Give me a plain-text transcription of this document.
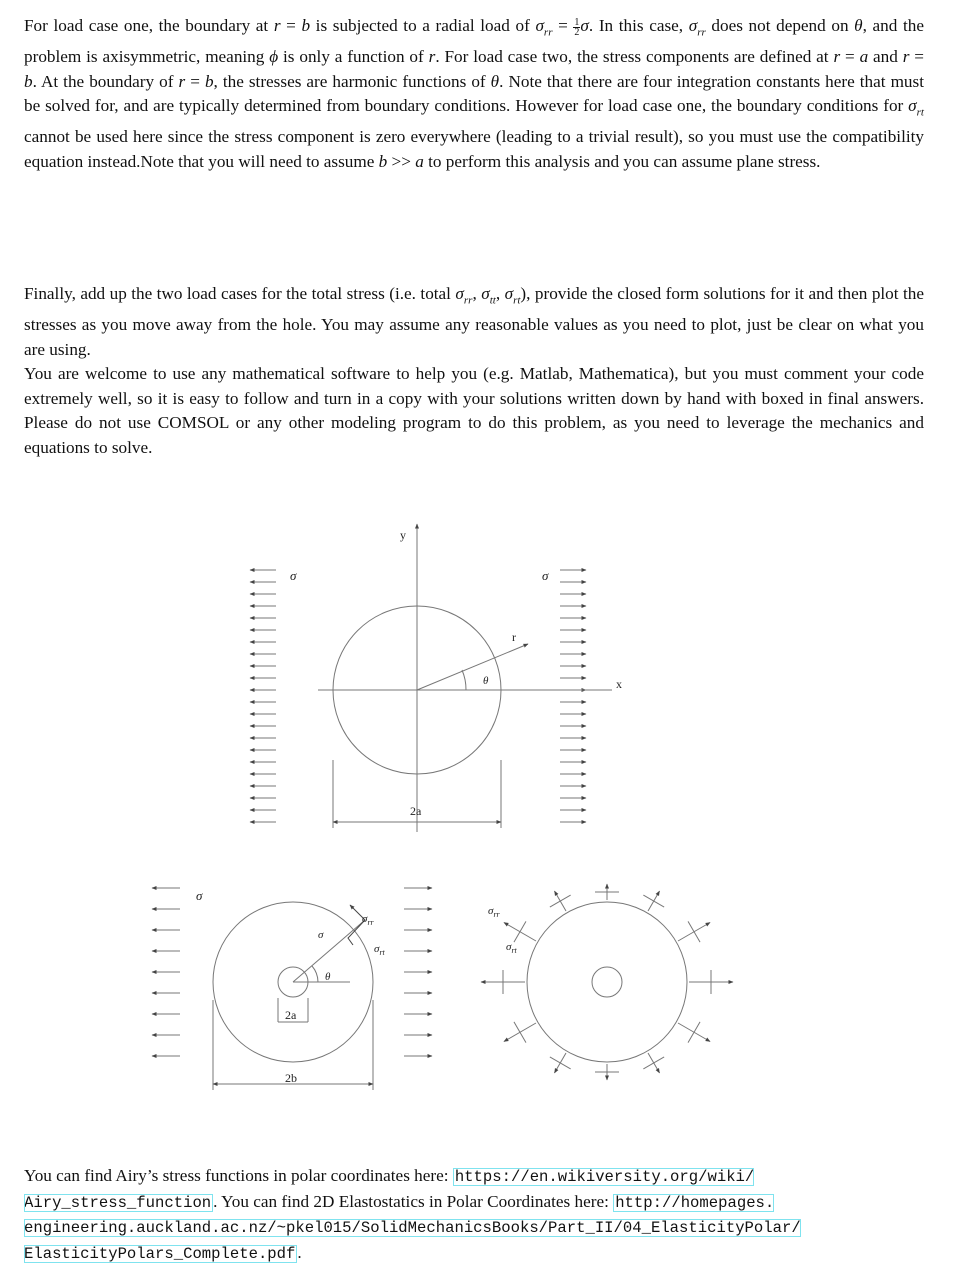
For load case one, the boundary at r = b is subjected to a radial load of $\sigma_{rr} = \frac{1}{2} \sigma$. In this case, $\sigma_{rr}$ does not depend on θ, and the problem is axisymmetric, meaning ϕ is only a function of r. For load case two, the stress components are defined at r = a and r = b. At the boundary of r = b, the stresses are harmonic functions of θ. Note that there are four integration constants here that must be solved for, and are typically determined from boundary conditions. However for load case one, the boundary conditions for $\sigma_{rt}$ cannot be used here since the stress component is zero everywhere (leading to a trivial result), so you must use the compatibility equation instead.Note that you will need to assume b >> a to perform this analysis and you can assume plane stress.

Finally, add up the two load cases for the total stress (i.e. total $\sigma_{rr}$, $\sigma_{tt}$, $\sigma_{rt}$), provide the closed form solutions for it and then plot the stresses as you move away from the hole. You may assume any reasonable values as you need to plot, just be clear on what you are using.

You are welcome to use any mathematical software to help you (e.g. Matlab, Mathematica), but you must comment your code extremely well, so it is easy to follow and turn in a copy with your solutions written down by hand with boxed in final answers. Please do not use COMSOL or any other modeling program to do this problem, as you need to leverage the mechanics and equations to solve.

σ	σ
y
x
r
θ
2a
σ
σ
θ
$\sigma_{rr}$
$\sigma_{rt}$
2a
2b
$\sigma_{rr}$
$\sigma_{rt}$

You can find Airy’s stress functions in polar coordinates here: https://en.wikiversity.org/wiki/
Airy_stress_function . You can find 2D Elastostatics in Polar Coordinates here: http://homepages.
engineering.auckland.ac.nz/~pkel015/SolidMechanicsBooks/Part_II/04_ElasticityPolar/
ElasticityPolars_Complete.pdf .
